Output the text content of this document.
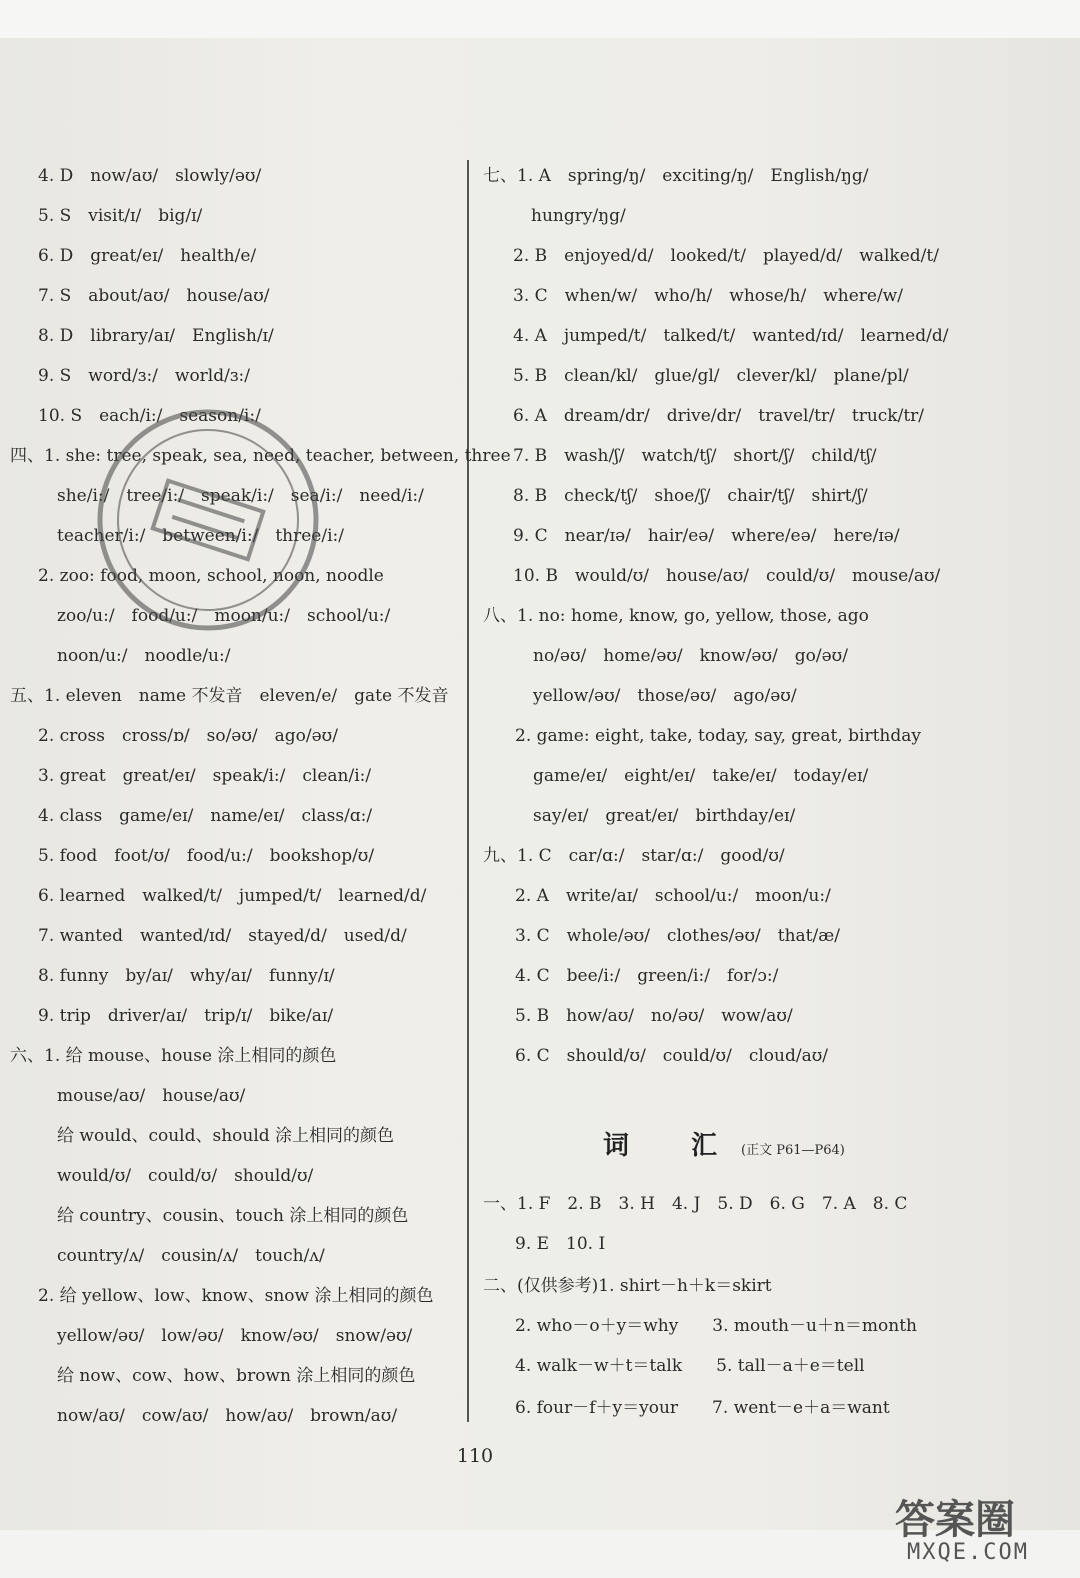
4. D　now/aʊ/　slowly/əʊ/
5. S　visit/ɪ/　big/ɪ/
6. D　great/eɪ/　health/e/
7. S　about/aʊ/　house/aʊ/
8. D　library/aɪ/　English/ɪ/
9. S　word/ɜ:/　world/ɜ:/
10. S　each/i:/　season/i:/
四、1. she: tree, speak, sea, need, teacher, between, three
she/i:/　tree/i:/　speak/i:/　sea/i:/　need/i:/
teacher/i:/　between/i:/　three/i:/
2. zoo: food, moon, school, noon, noodle
zoo/u:/　food/u:/　moon/u:/　school/u:/
noon/u:/　noodle/u:/
五、1. eleven　name 不发音　eleven/e/　gate 不发音
2. cross　cross/ɒ/　so/əʊ/　ago/əʊ/
3. great　great/eɪ/　speak/i:/　clean/i:/
4. class　game/eɪ/　name/eɪ/　class/ɑ:/
5. food　foot/ʊ/　food/u:/　bookshop/ʊ/
6. learned　walked/t/　jumped/t/　learned/d/
7. wanted　wanted/ɪd/　stayed/d/　used/d/
8. funny　by/aɪ/　why/aɪ/　funny/ɪ/
9. trip　driver/aɪ/　trip/ɪ/　bike/aɪ/
六、1. 给 mouse、house 涂上相同的颜色
mouse/aʊ/　house/aʊ/
给 would、could、should 涂上相同的颜色
would/ʊ/　could/ʊ/　should/ʊ/
给 country、cousin、touch 涂上相同的颜色
country/ʌ/　cousin/ʌ/　touch/ʌ/
2. 给 yellow、low、know、snow 涂上相同的颜色
yellow/əʊ/　low/əʊ/　know/əʊ/　snow/əʊ/
给 now、cow、how、brown 涂上相同的颜色
now/aʊ/　cow/aʊ/　how/aʊ/　brown/aʊ/
七、1. A　spring/ŋ/　exciting/ŋ/　English/ŋg/
hungry/ŋg/
2. B　enjoyed/d/　looked/t/　played/d/　walked/t/
3. C　when/w/　who/h/　whose/h/　where/w/
4. A　jumped/t/　talked/t/　wanted/ɪd/　learned/d/
5. B　clean/kl/　glue/gl/　clever/kl/　plane/pl/
6. A　dream/dr/　drive/dr/　travel/tr/　truck/tr/
7. B　wash/ʃ/　watch/tʃ/　short/ʃ/　child/tʃ/
8. B　check/tʃ/　shoe/ʃ/　chair/tʃ/　shirt/ʃ/
9. C　near/ɪə/　hair/eə/　where/eə/　here/ɪə/
10. B　would/ʊ/　house/aʊ/　could/ʊ/　mouse/aʊ/
八、1. no: home, know, go, yellow, those, ago
no/əʊ/　home/əʊ/　know/əʊ/　go/əʊ/
yellow/əʊ/　those/əʊ/　ago/əʊ/
2. game: eight, take, today, say, great, birthday
game/eɪ/　eight/eɪ/　take/eɪ/　today/eɪ/
say/eɪ/　great/eɪ/　birthday/eɪ/
九、1. C　car/ɑ:/　star/ɑ:/　good/ʊ/
2. A　write/aɪ/　school/u:/　moon/u:/
3. C　whole/əʊ/　clothes/əʊ/　that/æ/
4. C　bee/i:/　green/i:/　for/ɔ:/
5. B　how/aʊ/　no/əʊ/　wow/aʊ/
6. C　should/ʊ/　could/ʊ/　cloud/aʊ/
词　汇 (正文 P61—P64)
一、1. F　2. B　3. H　4. J　5. D　6. G　7. A　8. C
9. E　10. I
二、(仅供参考)1. shirt－h＋k＝skirt
2. who－o＋y＝why　　3. mouth－u＋n＝month
4. walk－w＋t＝talk　　5. tall－a＋e＝tell
6. four－f＋y＝your　　7. went－e＋a＝want
110
答案圈
MXQE.COM
